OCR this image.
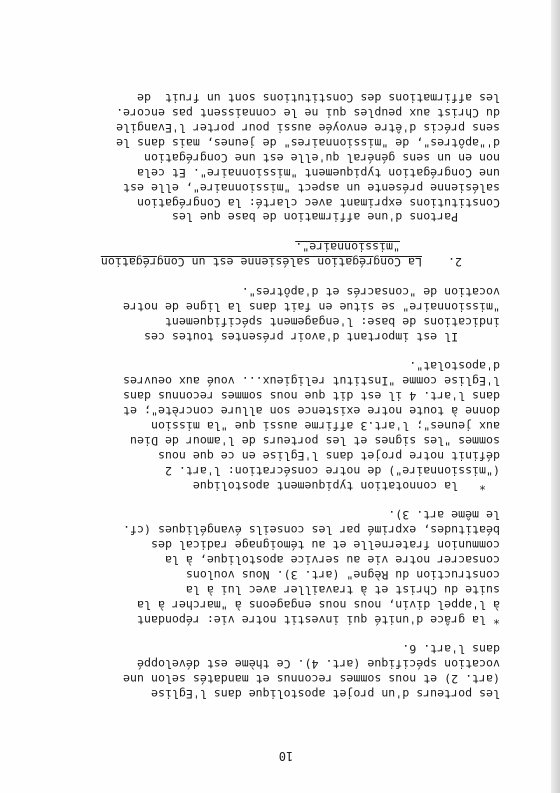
10
les porteurs d'un projet apostolique dans l'Eglise
(art. 2) et nous sommes reconnus et mandatés selon une
vocation spécifique (art. 4). Ce thème est développé
dans l'art. 6.
* la grâce d'unité qui investit notre vie: répondant
à l'appel divin, nous nous engageons à "marcher à la
suite du Christ et à travailler avec lui à la
construction du Règne" (art. 3). Nous voulons
consacrer notre vie au service apostolique, à la
communion fraternelle et au témoignage radical des
béatitudes, exprimé par les conseils évangéliques (cf.
le même art. 3).
*   la connotation typiquement apostolique
("missionnaire") de notre consécration: l'art. 2
définit notre projet dans l'Eglise en ce que nous
sommes "les signes et les porteurs de l'amour de Dieu
aux jeunes"; l'art.3 affirme aussi que "la mission
donne à toute notre existence son allure concrète"; et
dans l'art. 4 il est dit que nous sommes reconnus dans
l'Eglise comme "Institut religieux... voué aux oeuvres
d'apostolat".
Il est important d'avoir présentes toutes ces
indications de base: l'engagement spécifiquement
"missionnaire" se situe en fait dans la ligne de notre
vocation de "consacrés et d'apôtres".
2.La Congrégation salésienne est un Congrégation
"missionnaire".
Partons d'une affirmation de base que les
Constitutions exprimant avec clarté: la Congrégation
salésienne présente un aspect "missionnaire", elle est
une Congrégation typiquement "missionnaire". Et cela
non en un sens général qu'elle est une Congrégation
d'"apôtres", de "missionnaires" de jeunes, mais dans le
sens précis d'être envoyée aussi pour porter l'Evangile
du Christ aux peuples qui ne le connaissent pas encore.
les affirmations des Constitutions sont un fruit  de
